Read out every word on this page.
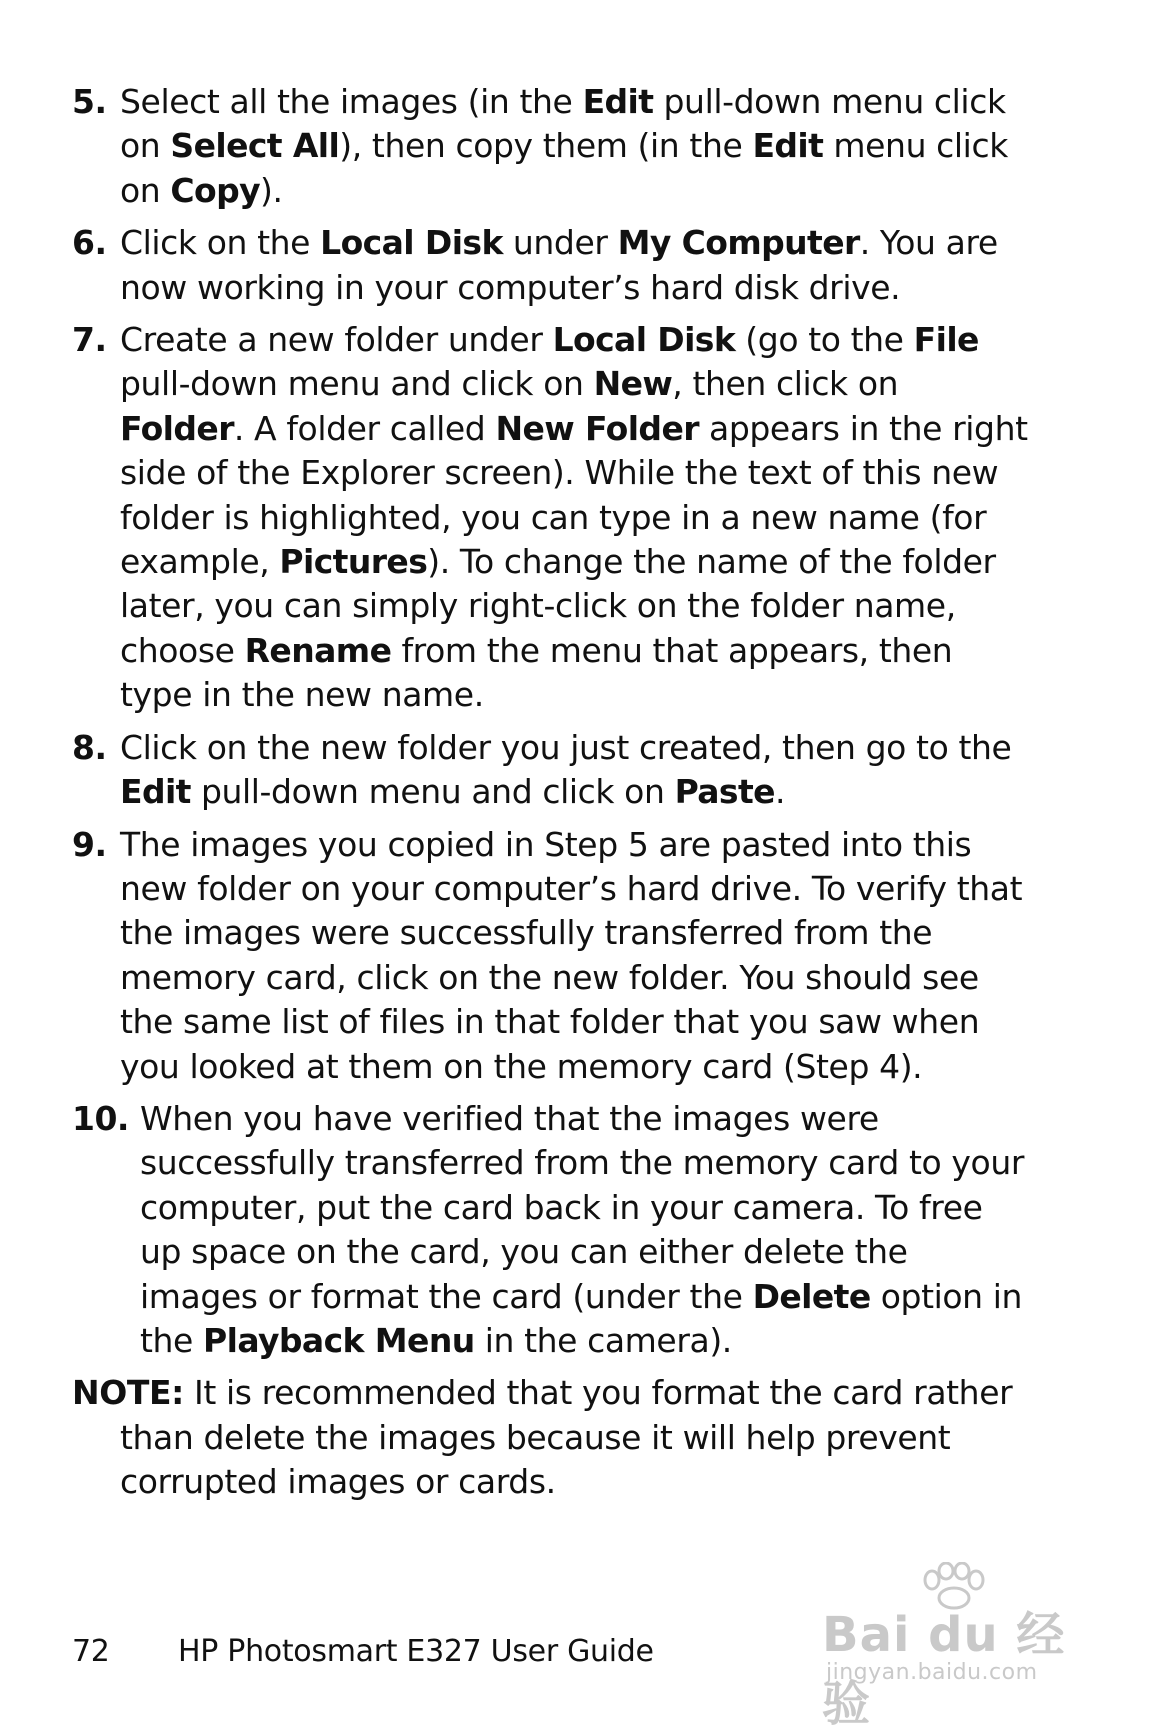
5. Select all the images (in the Edit pull-down menu click on Select All), then copy them (in the Edit menu click on Copy).
6. Click on the Local Disk under My Computer. You are now working in your computer’s hard disk drive.
7. Create a new folder under Local Disk (go to the File pull-down menu and click on New, then click on Folder. A folder called New Folder appears in the right side of the Explorer screen). While the text of this new folder is highlighted, you can type in a new name (for example, Pictures). To change the name of the folder later, you can simply right-click on the folder name, choose Rename from the menu that appears, then type in the new name.
8. Click on the new folder you just created, then go to the Edit pull-down menu and click on Paste.
9. The images you copied in Step 5 are pasted into this new folder on your computer’s hard drive. To verify that the images were successfully transferred from the memory card, click on the new folder. You should see the same list of files in that folder that you saw when you looked at them on the memory card (Step 4).
10. When you have verified that the images were successfully transferred from the memory card to your computer, put the card back in your camera. To free up space on the card, you can either delete the images or format the card (under the Delete option in the Playback Menu in the camera).
NOTE: It is recommended that you format the card rather than delete the images because it will help prevent corrupted images or cards.
72 HP Photosmart E327 User Guide	Bai du 经验
jingyan.baidu.com
